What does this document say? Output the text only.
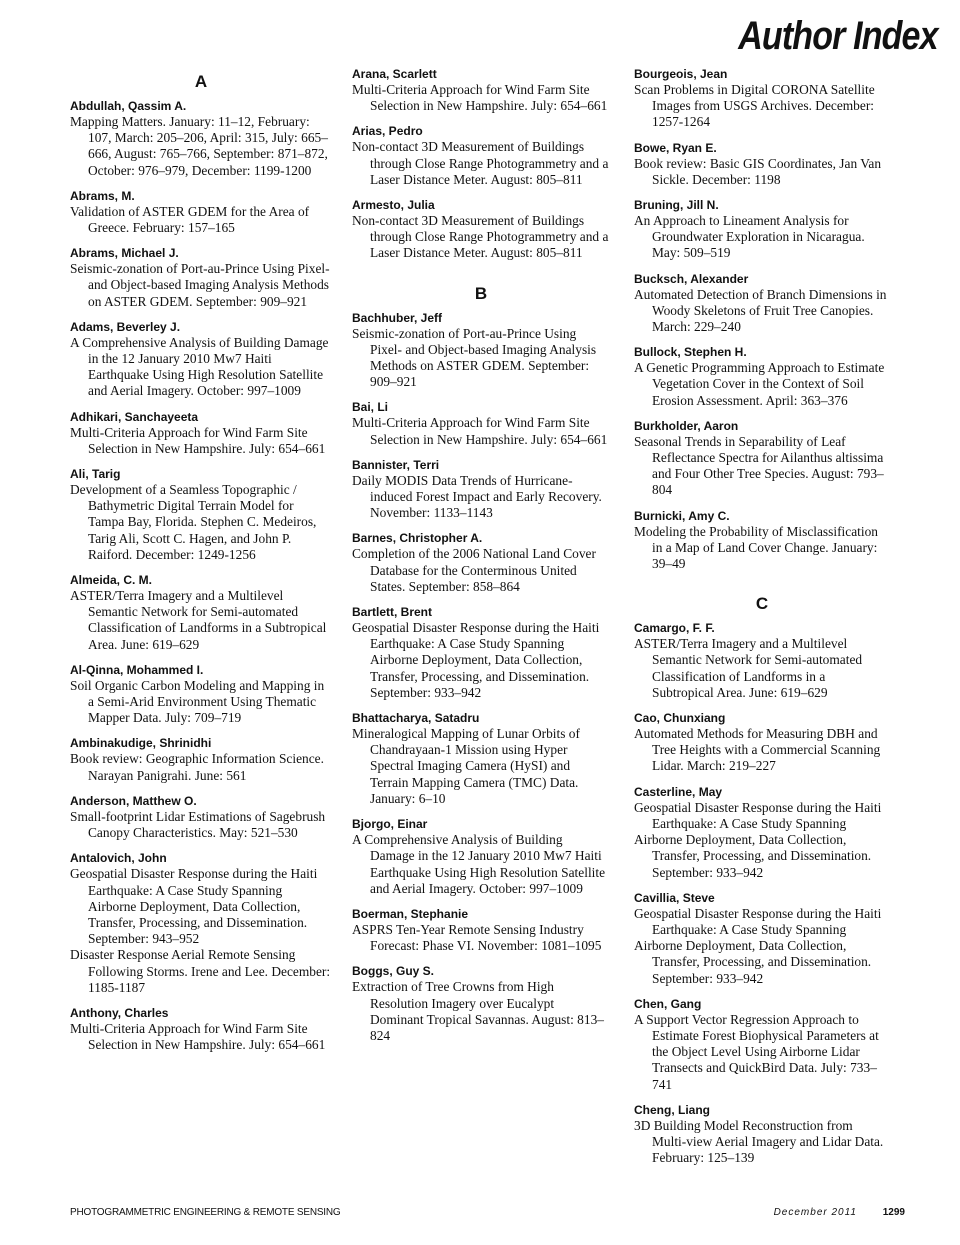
Author Index
A
Abdullah, Qassim A.
Mapping Matters. January: 11–12, February: 107, March: 205–206, April: 315, July: 665–666, August: 765–766, September: 871–872, October: 976–979, December: 1199-1200
Abrams, M.
Validation of ASTER GDEM for the Area of Greece. February: 157–165
Abrams, Michael J.
Seismic-zonation of Port-au-Prince Using Pixel- and Object-based Imaging Analysis Methods on ASTER GDEM. September: 909–921
Adams, Beverley J.
A Comprehensive Analysis of Building Damage in the 12 January 2010 Mw7 Haiti Earthquake Using High Resolution Satellite and Aerial Imagery. October: 997–1009
Adhikari, Sanchayeeta
Multi-Criteria Approach for Wind Farm Site Selection in New Hampshire. July: 654–661
Ali, Tarig
Development of a Seamless Topographic / Bathymetric Digital Terrain Model for Tampa Bay, Florida. Stephen C. Medeiros, Tarig Ali, Scott C. Hagen, and John P. Raiford. December: 1249-1256
Almeida, C. M.
ASTER/Terra Imagery and a Multilevel Semantic Network for Semi-automated Classification of Landforms in a Subtropical Area. June: 619–629
Al-Qinna, Mohammed I.
Soil Organic Carbon Modeling and Mapping in a Semi-Arid Environment Using Thematic Mapper Data. July: 709–719
Ambinakudige, Shrinidhi
Book review: Geographic Information Science. Narayan Panigrahi. June: 561
Anderson, Matthew O.
Small-footprint Lidar Estimations of Sagebrush Canopy Characteristics. May: 521–530
Antalovich, John
Geospatial Disaster Response during the Haiti Earthquake: A Case Study Spanning Airborne Deployment, Data Collection, Transfer, Processing, and Dissemination. September: 943–952
Disaster Response Aerial Remote Sensing Following Storms. Irene and Lee. December: 1185-1187
Anthony, Charles
Multi-Criteria Approach for Wind Farm Site Selection in New Hampshire. July: 654–661
Arana, Scarlett
Multi-Criteria Approach for Wind Farm Site Selection in New Hampshire. July: 654–661
Arias, Pedro
Non-contact 3D Measurement of Buildings through Close Range Photogrammetry and a Laser Distance Meter. August: 805–811
Armesto, Julia
Non-contact 3D Measurement of Buildings through Close Range Photogrammetry and a Laser Distance Meter. August: 805–811
B
Bachhuber, Jeff
Seismic-zonation of Port-au-Prince Using Pixel- and Object-based Imaging Analysis Methods on ASTER GDEM. September: 909–921
Bai, Li
Multi-Criteria Approach for Wind Farm Site Selection in New Hampshire. July: 654–661
Bannister, Terri
Daily MODIS Data Trends of Hurricane-induced Forest Impact and Early Recovery. November: 1133–1143
Barnes, Christopher A.
Completion of the 2006 National Land Cover Database for the Conterminous United States. September: 858–864
Bartlett, Brent
Geospatial Disaster Response during the Haiti Earthquake: A Case Study Spanning Airborne Deployment, Data Collection, Transfer, Processing, and Dissemination. September: 933–942
Bhattacharya, Satadru
Mineralogical Mapping of Lunar Orbits of Chandrayaan-1 Mission using Hyper Spectral Imaging Camera (HySI) and Terrain Mapping Camera (TMC) Data. January: 6–10
Bjorgo, Einar
A Comprehensive Analysis of Building Damage in the 12 January 2010 Mw7 Haiti Earthquake Using High Resolution Satellite and Aerial Imagery. October: 997–1009
Boerman, Stephanie
ASPRS Ten-Year Remote Sensing Industry Forecast: Phase VI. November: 1081–1095
Boggs, Guy S.
Extraction of Tree Crowns from High Resolution Imagery over Eucalypt Dominant Tropical Savannas. August: 813–824
Bourgeois, Jean
Scan Problems in Digital CORONA Satellite Images from USGS Archives. December: 1257-1264
Bowe, Ryan E.
Book review: Basic GIS Coordinates, Jan Van Sickle. December: 1198
Bruning, Jill N.
An Approach to Lineament Analysis for Groundwater Exploration in Nicaragua. May: 509–519
Bucksch, Alexander
Automated Detection of Branch Dimensions in Woody Skeletons of Fruit Tree Canopies. March: 229–240
Bullock, Stephen H.
A Genetic Programming Approach to Estimate Vegetation Cover in the Context of Soil Erosion Assessment. April: 363–376
Burkholder, Aaron
Seasonal Trends in Separability of Leaf Reflectance Spectra for Ailanthus altissima and Four Other Tree Species. August: 793–804
Burnicki, Amy C.
Modeling the Probability of Misclassification in a Map of Land Cover Change. January: 39–49
C
Camargo, F. F.
ASTER/Terra Imagery and a Multilevel Semantic Network for Semi-automated Classification of Landforms in a Subtropical Area. June: 619–629
Cao, Chunxiang
Automated Methods for Measuring DBH and Tree Heights with a Commercial Scanning Lidar. March: 219–227
Casterline, May
Geospatial Disaster Response during the Haiti Earthquake: A Case Study Spanning
Airborne Deployment, Data Collection, Transfer, Processing, and Dissemination. September: 933–942
Cavillia, Steve
Geospatial Disaster Response during the Haiti Earthquake: A Case Study Spanning
Airborne Deployment, Data Collection, Transfer, Processing, and Dissemination. September: 933–942
Chen, Gang
A Support Vector Regression Approach to Estimate Forest Biophysical Parameters at the Object Level Using Airborne Lidar Transects and QuickBird Data. July: 733–741
Cheng, Liang
3D Building Model Reconstruction from Multi-view Aerial Imagery and Lidar Data. February: 125–139
PHOTOGRAMMETRIC ENGINEERING & REMOTE SENSING	December 2011	1299
